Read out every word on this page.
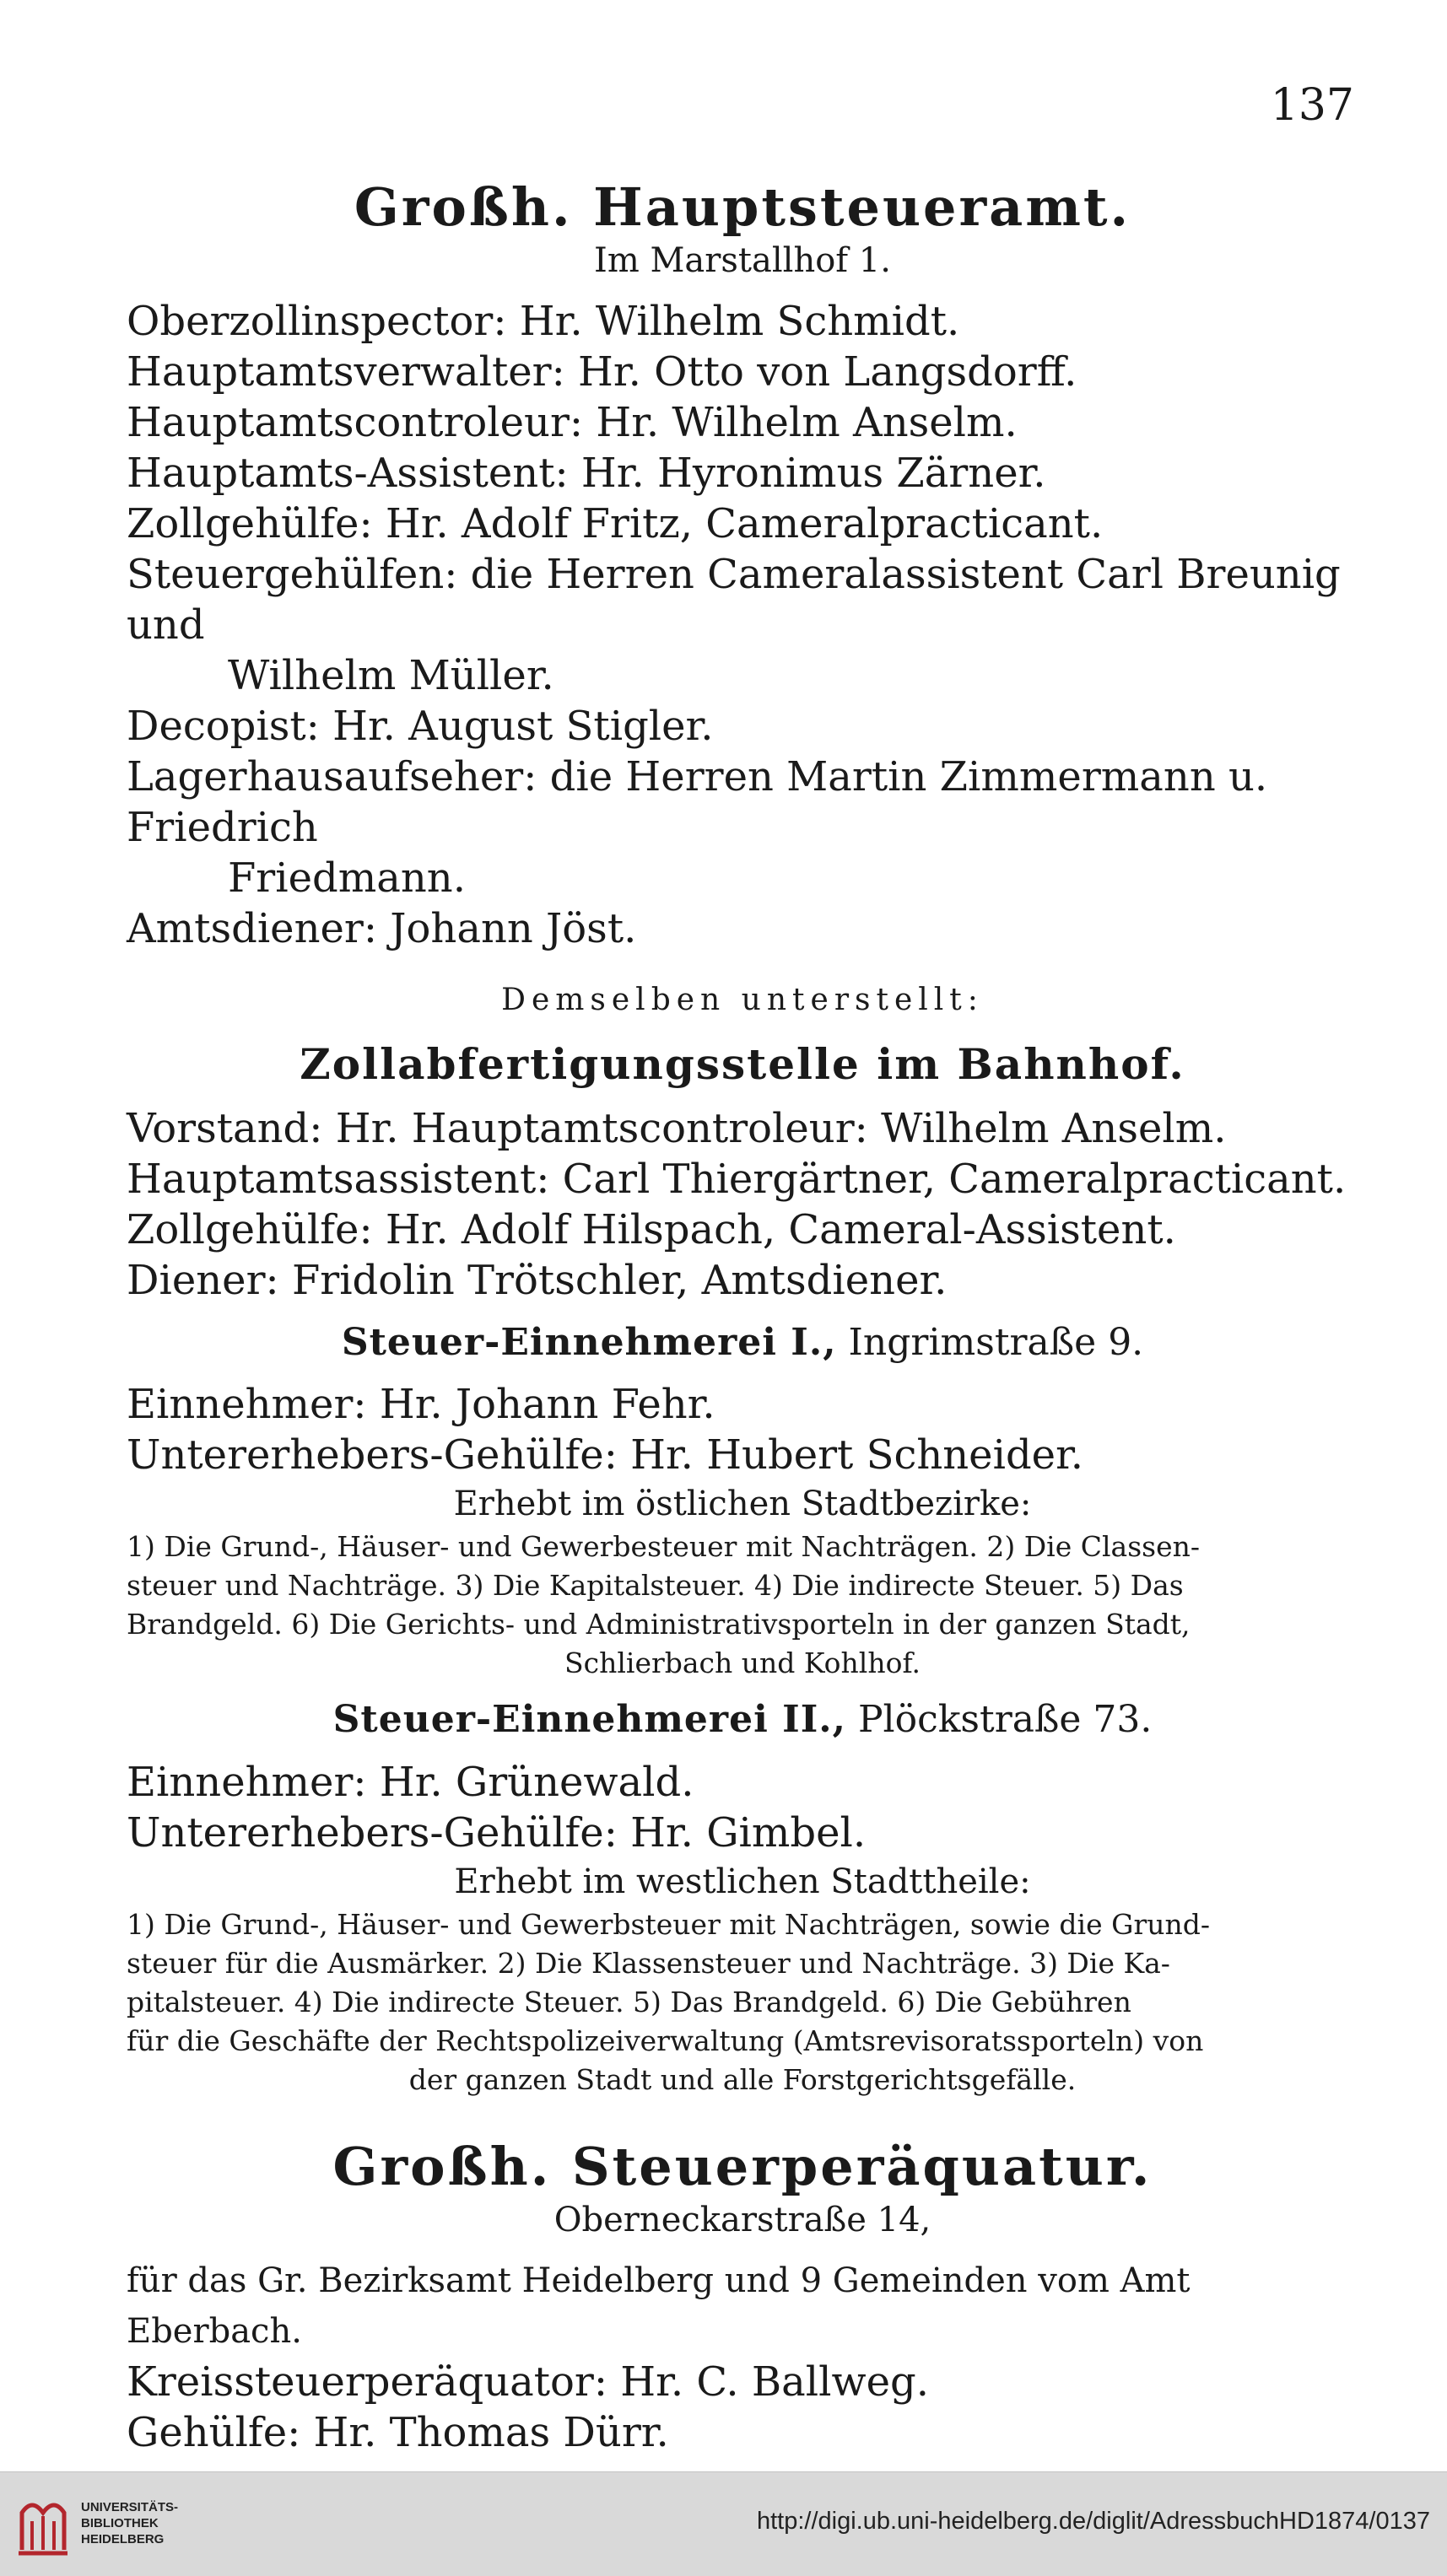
137

Großh. Hauptsteueramt.

Im Marstallhof 1.

Oberzollinspector: Hr. Wilhelm Schmidt.

Hauptamtsverwalter: Hr. Otto von Langsdorff.

Hauptamtscontroleur: Hr. Wilhelm Anselm.

Hauptamts-Assistent: Hr. Hyronimus Zärner.

Zollgehülfe: Hr. Adolf Fritz, Cameralpracticant.

Steuergehülfen: die Herren Cameralassistent Carl Breunig und

Wilhelm Müller.

Decopist: Hr. August Stigler.

Lagerhausaufseher: die Herren Martin Zimmermann u. Friedrich

Friedmann.

Amtsdiener: Johann Jöst.

Demselben unterstellt:

Zollabfertigungsstelle im Bahnhof.

Vorstand: Hr. Hauptamtscontroleur: Wilhelm Anselm.

Hauptamtsassistent: Carl Thiergärtner, Cameralpracticant.

Zollgehülfe: Hr. Adolf Hilspach, Cameral-Assistent.

Diener: Fridolin Trötschler, Amtsdiener.

Steuer-Einnehmerei I., Ingrimstraße 9.

Einnehmer: Hr. Johann Fehr.

Untererhebers-Gehülfe: Hr. Hubert Schneider.

Erhebt im östlichen Stadtbezirke:

1) Die Grund-, Häuser- und Gewerbesteuer mit Nachträgen. 2) Die Classen-

steuer und Nachträge. 3) Die Kapitalsteuer. 4) Die indirecte Steuer. 5) Das

Brandgeld. 6) Die Gerichts- und Administrativsporteln in der ganzen Stadt,

Schlierbach und Kohlhof.

Steuer-Einnehmerei II., Plöckstraße 73.

Einnehmer: Hr. Grünewald.

Untererhebers-Gehülfe: Hr. Gimbel.

Erhebt im westlichen Stadttheile:

1) Die Grund-, Häuser- und Gewerbsteuer mit Nachträgen, sowie die Grund-

steuer für die Ausmärker. 2) Die Klassensteuer und Nachträge. 3) Die Ka-

pitalsteuer. 4) Die indirecte Steuer. 5) Das Brandgeld. 6) Die Gebühren

für die Geschäfte der Rechtspolizeiverwaltung (Amtsrevisoratssporteln) von

der ganzen Stadt und alle Forstgerichtsgefälle.

Großh. Steuerperäquatur.

Oberneckarstraße 14,

für das Gr. Bezirksamt Heidelberg und 9 Gemeinden vom Amt Eberbach.

Kreissteuerperäquator: Hr. C. Ballweg.

Gehülfe: Hr. Thomas Dürr.

UNIVERSITÄTS-
BIBLIOTHEK
HEIDELBERG
http://digi.ub.uni-heidelberg.de/diglit/AdressbuchHD1874/0137
